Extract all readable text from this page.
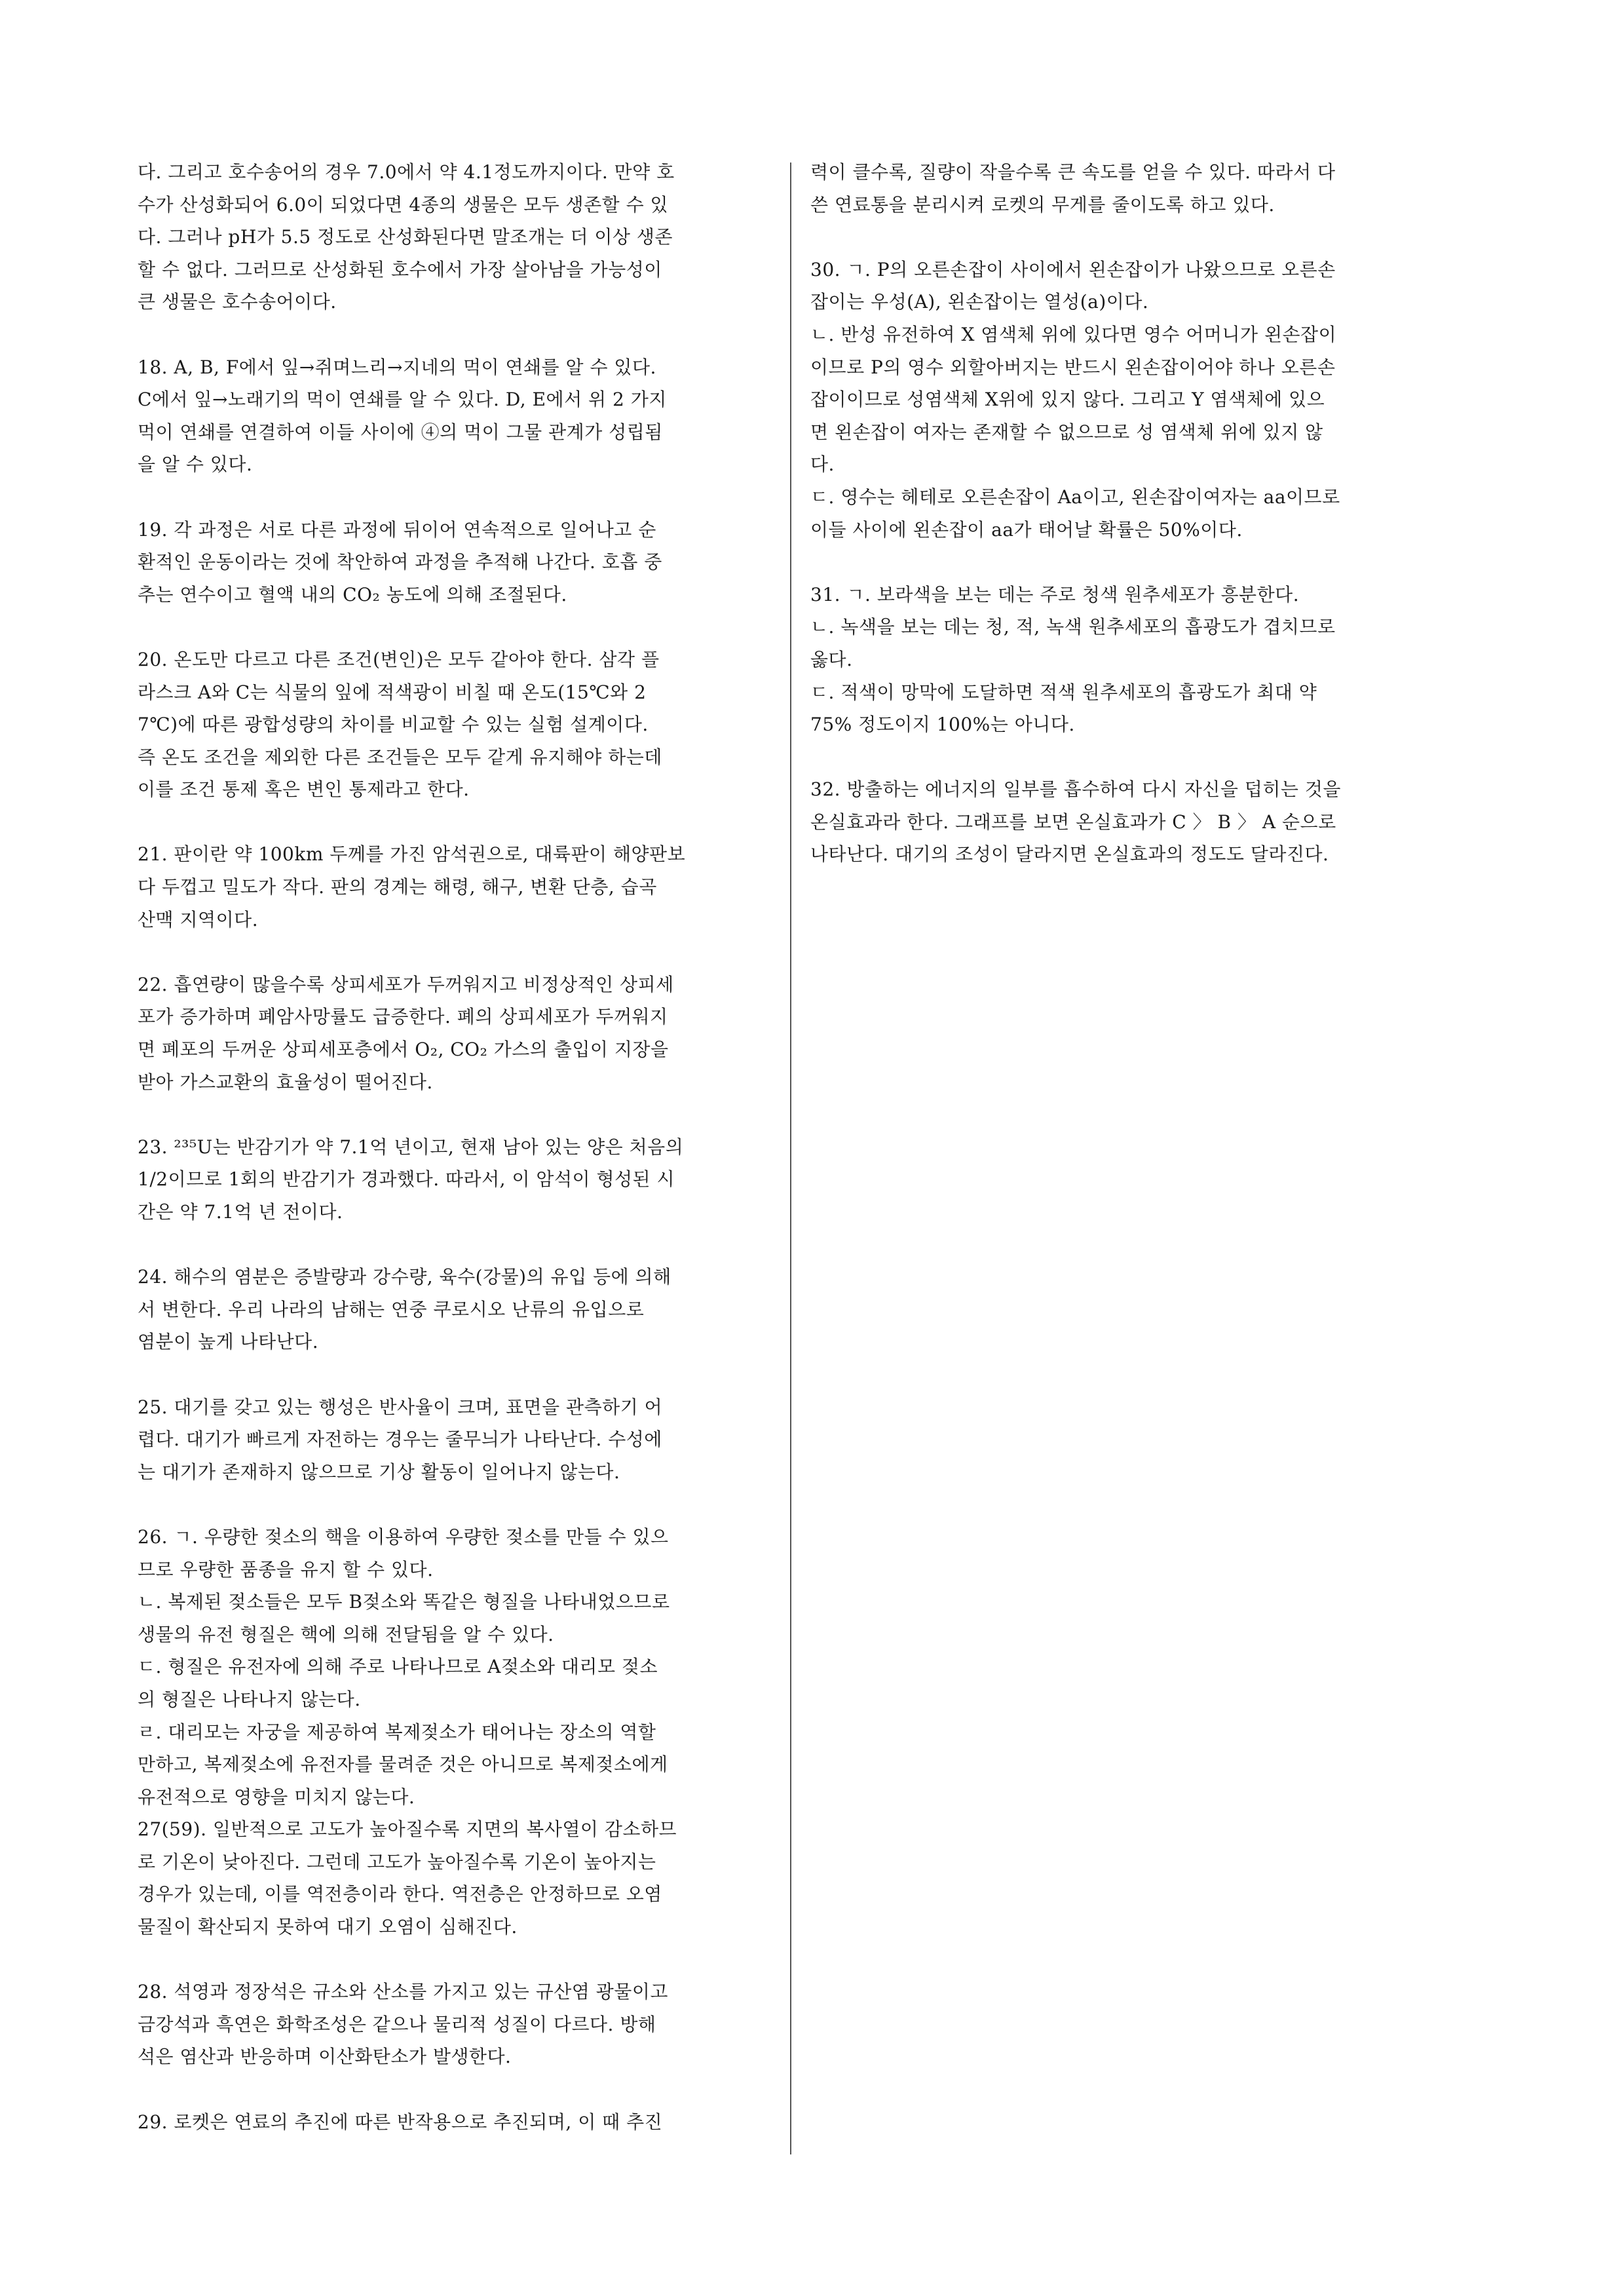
다. 그리고 호수송어의 경우 7.0에서 약 4.1정도까지이다. 만약 호
수가 산성화되어 6.0이 되었다면 4종의 생물은 모두 생존할 수 있
다. 그러나 pH가 5.5 정도로 산성화된다면 말조개는 더 이상 생존
할 수 없다. 그러므로 산성화된 호수에서 가장 살아남을 가능성이
큰 생물은 호수송어이다.
18. A, B, F에서 잎→쥐며느리→지네의 먹이 연쇄를 알 수 있다.
C에서 잎→노래기의 먹이 연쇄를 알 수 있다. D, E에서 위 2 가지
먹이 연쇄를 연결하여 이들 사이에 ④의 먹이 그물 관계가 성립됨
을 알 수 있다.
19. 각 과정은 서로 다른 과정에 뒤이어 연속적으로 일어나고 순
환적인 운동이라는 것에 착안하여 과정을 추적해 나간다. 호흡 중
추는 연수이고 혈액 내의 CO₂ 농도에 의해 조절된다.
20. 온도만 다르고 다른 조건(변인)은 모두 같아야 한다. 삼각 플
라스크 A와 C는 식물의 잎에 적색광이 비칠 때 온도(15℃와 2
7℃)에 따른 광합성량의 차이를 비교할 수 있는 실험 설계이다.
즉 온도 조건을 제외한 다른 조건들은 모두 같게 유지해야 하는데
이를 조건 통제 혹은 변인 통제라고 한다.
21. 판이란 약 100km 두께를 가진 암석권으로, 대륙판이 해양판보
다 두껍고 밀도가 작다. 판의 경계는 해령, 해구, 변환 단층, 습곡
산맥 지역이다.
22. 흡연량이 많을수록 상피세포가 두꺼워지고 비정상적인 상피세
포가 증가하며 폐암사망률도 급증한다. 폐의 상피세포가 두꺼워지
면 폐포의 두꺼운 상피세포층에서 O₂, CO₂ 가스의 출입이 지장을
받아 가스교환의 효율성이 떨어진다.
23. ²³⁵U는 반감기가 약 7.1억 년이고, 현재 남아 있는 양은 처음의
1/2이므로 1회의 반감기가 경과했다. 따라서, 이 암석이 형성된 시
간은 약 7.1억 년 전이다.
24. 해수의 염분은 증발량과 강수량, 육수(강물)의 유입 등에 의해
서 변한다. 우리 나라의 남해는 연중 쿠로시오 난류의 유입으로
염분이 높게 나타난다.
25. 대기를 갖고 있는 행성은 반사율이 크며, 표면을 관측하기 어
렵다. 대기가 빠르게 자전하는 경우는 줄무늬가 나타난다. 수성에
는 대기가 존재하지 않으므로 기상 활동이 일어나지 않는다.
26. ㄱ. 우량한 젖소의 핵을 이용하여 우량한 젖소를 만들 수 있으
므로 우량한 품종을 유지 할 수 있다.
ㄴ. 복제된 젖소들은 모두 B젖소와 똑같은 형질을 나타내었으므로
생물의 유전 형질은 핵에 의해 전달됨을 알 수 있다.
ㄷ. 형질은 유전자에 의해 주로 나타나므로 A젖소와 대리모 젖소
의 형질은 나타나지 않는다.
ㄹ. 대리모는 자궁을 제공하여 복제젖소가 태어나는 장소의 역할
만하고, 복제젖소에 유전자를 물려준 것은 아니므로 복제젖소에게
유전적으로 영향을 미치지 않는다.
27(59). 일반적으로 고도가 높아질수록 지면의 복사열이 감소하므
로 기온이 낮아진다. 그런데 고도가 높아질수록 기온이 높아지는
경우가 있는데, 이를 역전층이라 한다. 역전층은 안정하므로 오염
물질이 확산되지 못하여 대기 오염이 심해진다.
28. 석영과 정장석은 규소와 산소를 가지고 있는 규산염 광물이고
금강석과 흑연은 화학조성은 같으나 물리적 성질이 다르다. 방해
석은 염산과 반응하며 이산화탄소가 발생한다.
29. 로켓은 연료의 추진에 따른 반작용으로 추진되며, 이 때 추진
력이 클수록, 질량이 작을수록 큰 속도를 얻을 수 있다. 따라서 다
쓴 연료통을 분리시켜 로켓의 무게를 줄이도록 하고 있다.
30. ㄱ. P의 오른손잡이 사이에서 왼손잡이가 나왔으므로 오른손
잡이는 우성(A), 왼손잡이는 열성(a)이다.
ㄴ. 반성 유전하여 X 염색체 위에 있다면 영수 어머니가 왼손잡이
이므로 P의 영수 외할아버지는 반드시 왼손잡이어야 하나 오른손
잡이이므로 성염색체 X위에 있지 않다. 그리고 Y 염색체에 있으
면 왼손잡이 여자는 존재할 수 없으므로 성 염색체 위에 있지 않
다.
ㄷ. 영수는 헤테로 오른손잡이 Aa이고, 왼손잡이여자는 aa이므로
이들 사이에 왼손잡이 aa가 태어날 확률은 50%이다.
31. ㄱ. 보라색을 보는 데는 주로 청색 원추세포가 흥분한다.
ㄴ. 녹색을 보는 데는 청, 적, 녹색 원추세포의 흡광도가 겹치므로
옳다.
ㄷ. 적색이 망막에 도달하면 적색 원추세포의 흡광도가 최대 약
75% 정도이지 100%는 아니다.
32. 방출하는 에너지의 일부를 흡수하여 다시 자신을 덥히는 것을
온실효과라 한다. 그래프를 보면 온실효과가 C 〉 B 〉 A 순으로
나타난다. 대기의 조성이 달라지면 온실효과의 정도도 달라진다.
